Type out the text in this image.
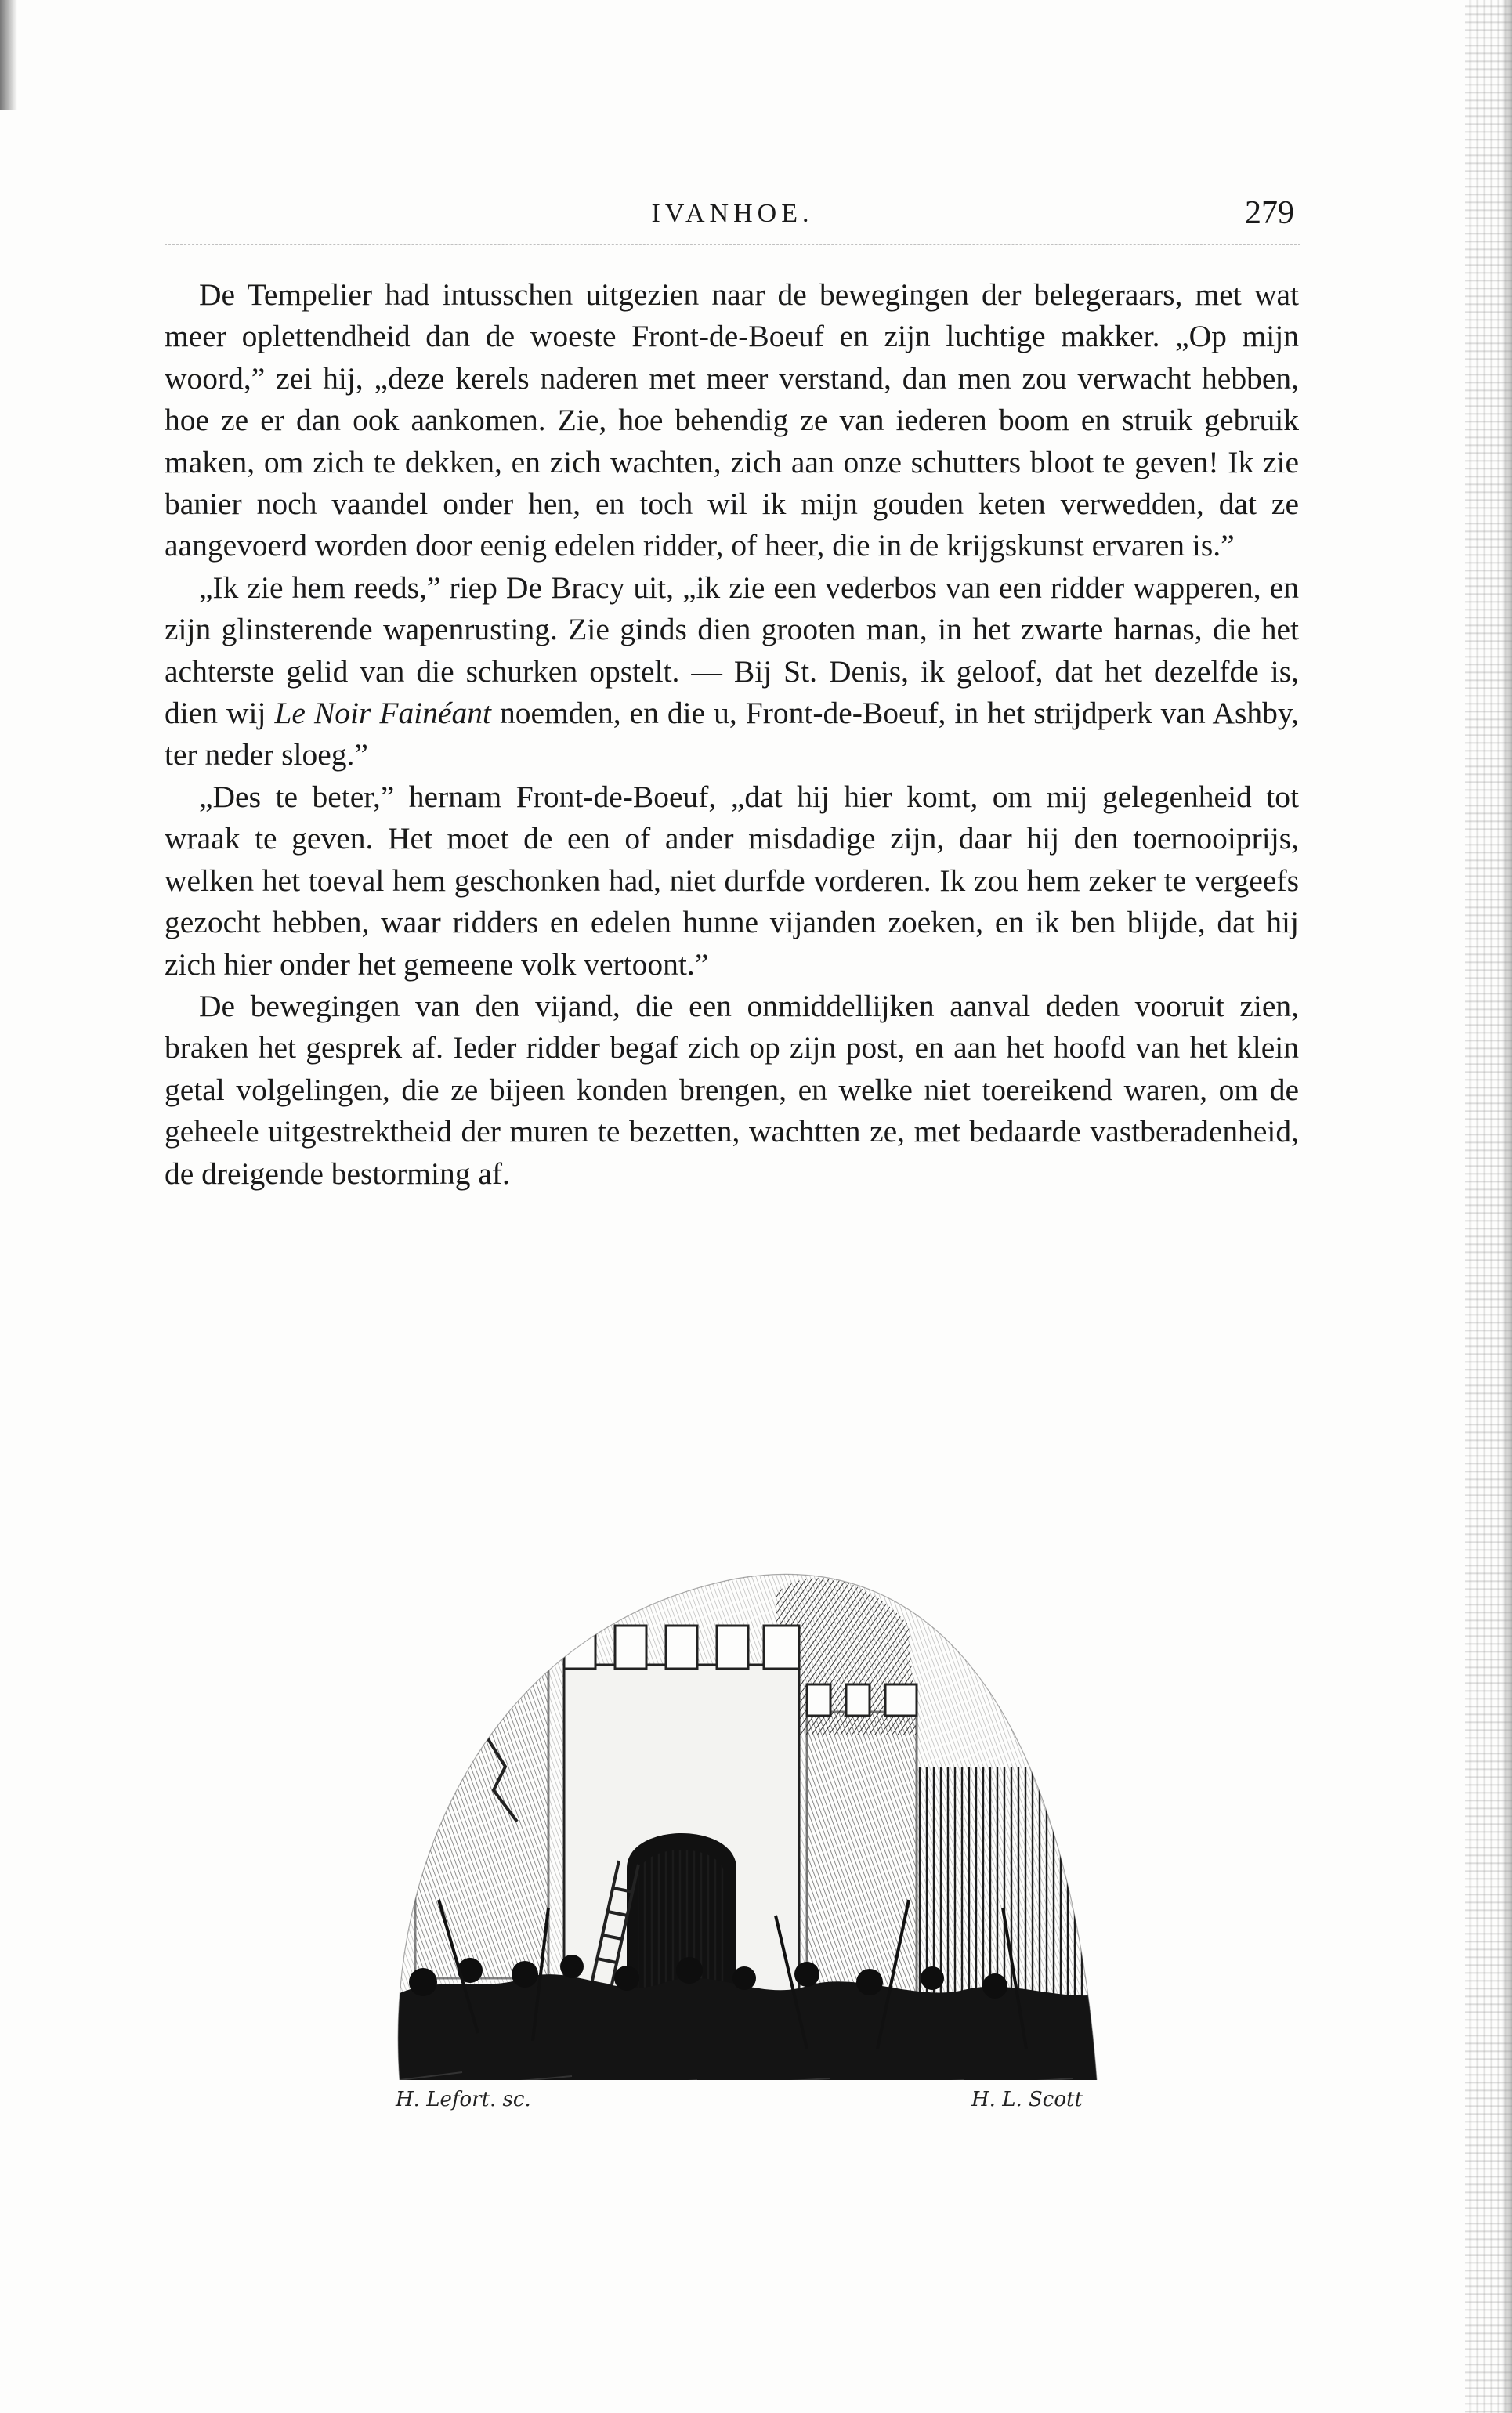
IVANHOE.	279

De Tempelier had intusschen uitgezien naar de bewegingen der belegeraars, met wat meer oplettendheid dan de woeste Front-de-Boeuf en zijn luchtige makker. „Op mijn woord,” zei hij, „deze kerels naderen met meer verstand, dan men zou verwacht hebben, hoe ze er dan ook aankomen. Zie, hoe behendig ze van iederen boom en struik gebruik maken, om zich te dekken, en zich wachten, zich aan onze schutters bloot te geven! Ik zie banier noch vaandel onder hen, en toch wil ik mijn gouden keten verwedden, dat ze aangevoerd worden door eenig edelen ridder, of heer, die in de krijgskunst ervaren is.”

„Ik zie hem reeds,” riep De Bracy uit, „ik zie een vederbos van een ridder wapperen, en zijn glinsterende wapenrusting. Zie ginds dien grooten man, in het zwarte harnas, die het achterste gelid van die schurken opstelt. — Bij St. Denis, ik geloof, dat het dezelfde is, dien wij Le Noir Fainéant noemden, en die u, Front-de-Boeuf, in het strijdperk van Ashby, ter neder sloeg.”

„Des te beter,” hernam Front-de-Boeuf, „dat hij hier komt, om mij gelegenheid tot wraak te geven. Het moet de een of ander misdadige zijn, daar hij den toernooiprijs, welken het toeval hem geschonken had, niet durfde vorderen. Ik zou hem zeker te vergeefs gezocht hebben, waar ridders en edelen hunne vijanden zoeken, en ik ben blijde, dat hij zich hier onder het gemeene volk vertoont.”

De bewegingen van den vijand, die een onmiddellijken aanval deden vooruit zien, braken het gesprek af. Ieder ridder begaf zich op zijn post, en aan het hoofd van het klein getal volgelingen, die ze bijeen konden brengen, en welke niet toereikend waren, om de geheele uitgestrektheid der muren te bezetten, wachtten ze, met bedaarde vastberadenheid, de dreigende bestorming af.

H. Lefort. sc.	H. L. Scott
